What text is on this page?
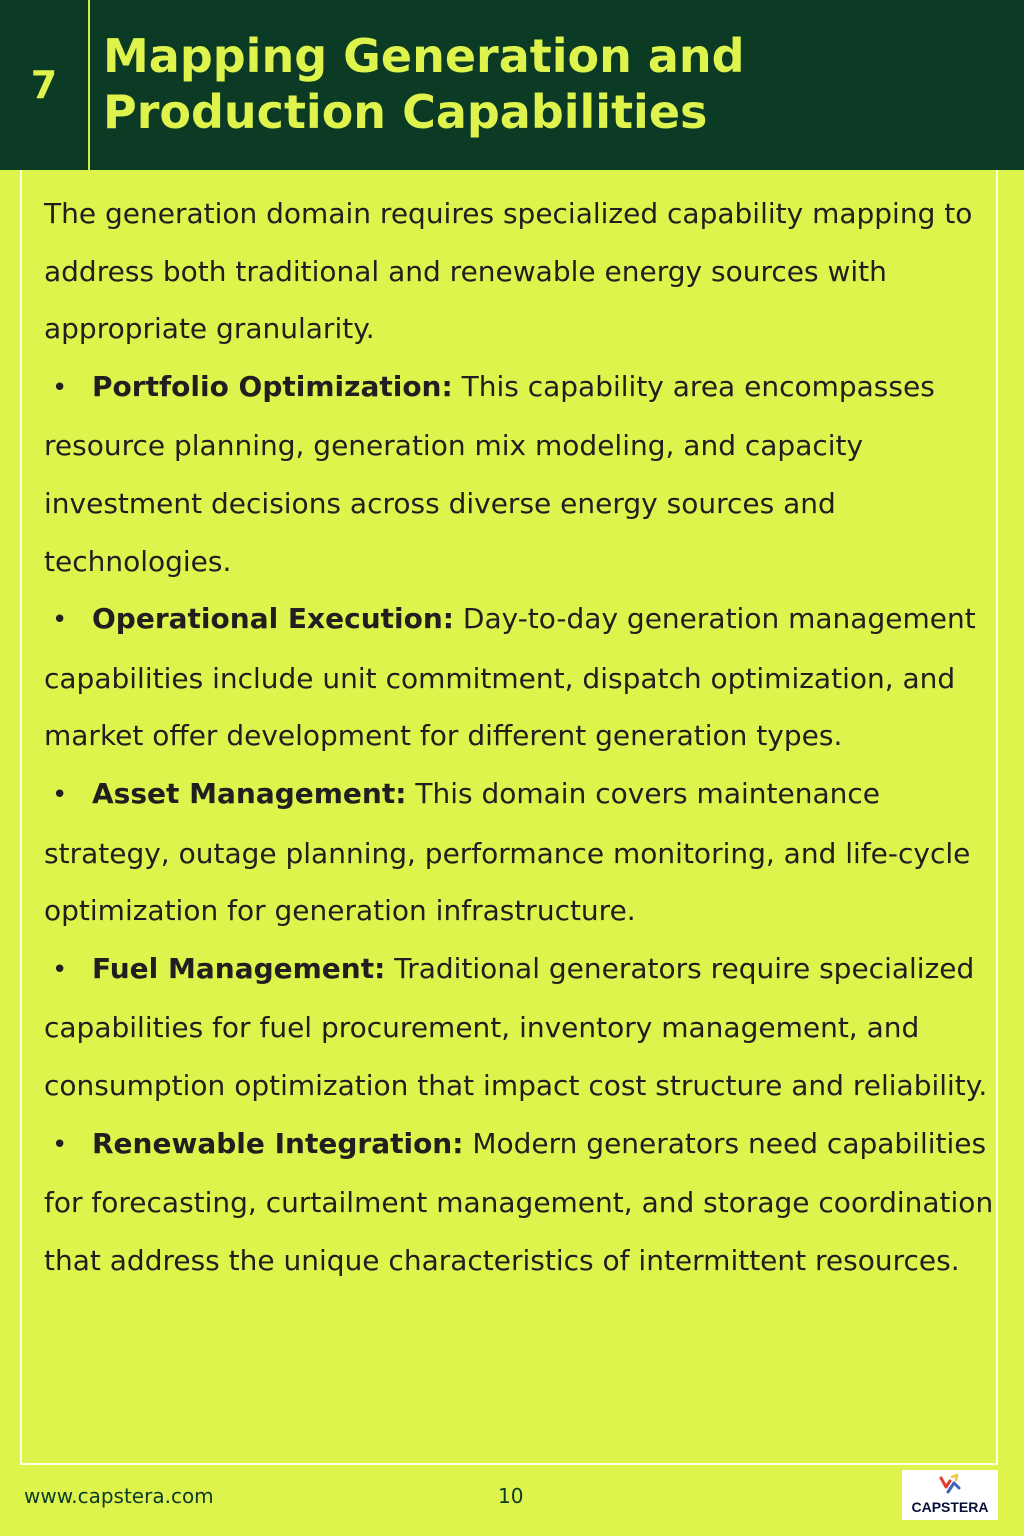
7
Mapping Generation and
Production Capabilities

The generation domain requires specialized capability mapping to address both traditional and renewable energy sources with appropriate granularity.

• Portfolio Optimization: This capability area encompasses resource planning, generation mix modeling, and capacity investment decisions across diverse energy sources and technologies.

• Operational Execution: Day-to-day generation management capabilities include unit commitment, dispatch optimization, and market offer development for different generation types.

• Asset Management: This domain covers maintenance strategy, outage planning, performance monitoring, and life-cycle optimization for generation infrastructure.

• Fuel Management: Traditional generators require specialized capabilities for fuel procurement, inventory management, and consumption optimization that impact cost structure and reliability.

• Renewable Integration: Modern generators need capabilities for forecasting, curtailment management, and storage coordination that address the unique characteristics of intermittent resources.

www.capstera.com	10	CAPSTERA
